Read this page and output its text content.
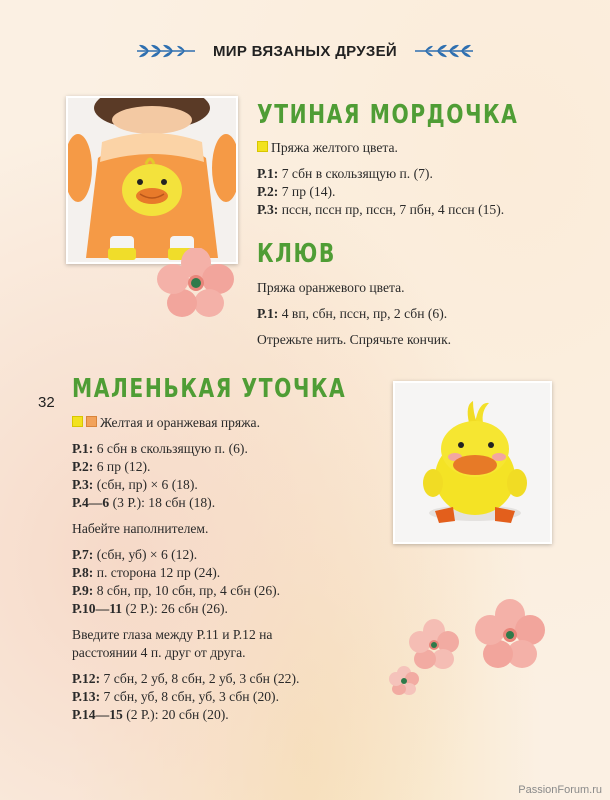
МИР ВЯЗАНЫХ ДРУЗЕЙ
УТИНАЯ МОРДОЧКА

Пряжа желтого цвета.

Р.1: 7 сбн в скользящую п. (7).

Р.2: 7 пр (14).

Р.3: пссн, пссн пр, пссн, 7 пбн, 4 пссн (15).

КЛЮВ

Пряжа оранжевого цвета.

Р.1: 4 вп, сбн, пссн, пр, 2 сбн (6).

Отрежьте нить. Спрячьте кончик.

32 МАЛЕНЬКАЯ УТОЧКА

Желтая и оранжевая пряжа.

Р.1: 6 сбн в скользящую п. (6).

Р.2: 6 пр (12).

Р.3: (сбн, пр) × 6 (18).

Р.4—6 (3 Р.): 18 сбн (18).

Набейте наполнителем.

Р.7: (сбн, уб) × 6 (12).

Р.8: п. сторона 12 пр (24).

Р.9: 8 сбн, пр, 10 сбн, пр, 4 сбн (26).

Р.10—11 (2 Р.): 26 сбн (26).

Введите глаза между Р.11 и Р.12 на

расстоянии 4 п. друг от друга.

Р.12: 7 сбн, 2 уб, 8 сбн, 2 уб, 3 сбн (22).

Р.13: 7 сбн, уб, 8 сбн, уб, 3 сбн (20).

Р.14—15 (2 Р.): 20 сбн (20).

PassionForum.ru
